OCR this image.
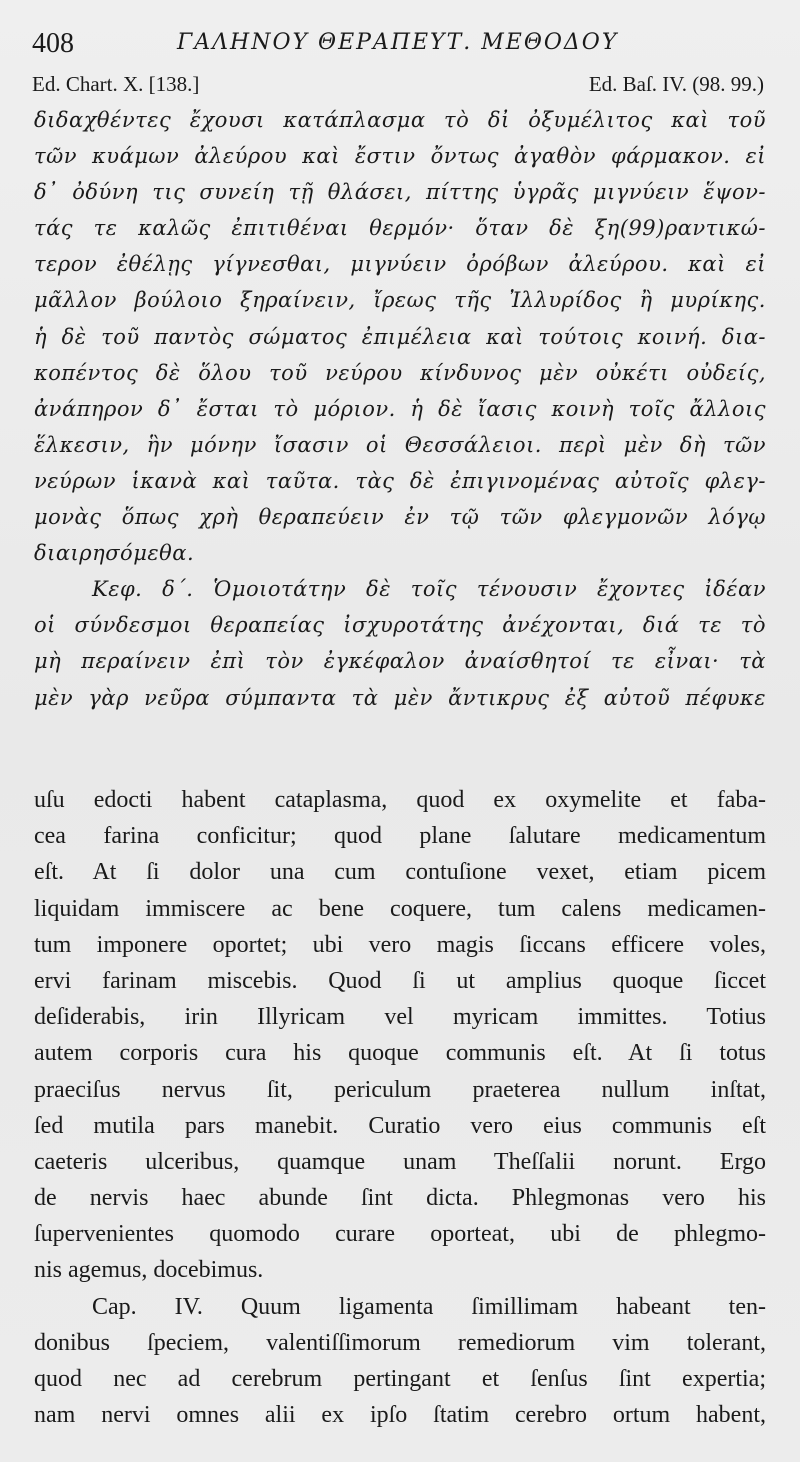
408	ΓΑΛΗΝΟΥ ΘΕΡΑΠΕΥΤ. ΜΕΘΟΔΟΥ
Ed. Chart. X. [138.]	Ed. Baſ. IV. (98. 99.)
διδαχθέντες ἔχουσι κατάπλασμα τὸ δἰ ὀξυμέλιτος καὶ τοῦ
τῶν κυάμων ἀλεύρου καὶ ἔστιν ὄντως ἀγαθὸν φάρμακον. εἰ
δ᾽ ὀδύνη τις συνείη τῇ θλάσει, πίττης ὑγρᾶς μιγνύειν ἕψον-
τάς τε καλῶς ἐπιτιθέναι θερμόν· ὅταν δὲ ξη(99)ραντικώ-
τερον ἐθέλῃς γίγνεσθαι, μιγνύειν ὀρόβων ἀλεύρου. καὶ εἰ
μᾶλλον βούλοιο ξηραίνειν, ἴρεως τῆς Ἰλλυρίδος ἢ μυρίκης.
ἡ δὲ τοῦ παντὸς σώματος ἐπιμέλεια καὶ τούτοις κοινή. δια-
κοπέντος δὲ ὅλου τοῦ νεύρου κίνδυνος μὲν οὐκέτι οὐδείς,
ἀνάπηρον δ᾽ ἔσται τὸ μόριον. ἡ δὲ ἴασις κοινὴ τοῖς ἄλλοις
ἕλκεσιν, ἣν μόνην ἴσασιν οἱ Θεσσάλειοι. περὶ μὲν δὴ τῶν
νεύρων ἱκανὰ καὶ ταῦτα. τὰς δὲ ἐπιγινομένας αὐτοῖς φλεγ-
μονὰς ὅπως χρὴ θεραπεύειν ἐν τῷ τῶν φλεγμονῶν λόγῳ
διαιρησόμεθα.
Κεφ. δ΄. Ὁμοιοτάτην δὲ τοῖς τένουσιν ἔχοντες ἰδέαν
οἱ σύνδεσμοι θεραπείας ἰσχυροτάτης ἀνέχονται, διά τε τὸ
μὴ περαίνειν ἐπὶ τὸν ἐγκέφαλον ἀναίσθητοί τε εἶναι· τὰ
μὲν γὰρ νεῦρα σύμπαντα τὰ μὲν ἄντικρυς ἐξ αὐτοῦ πέφυκε
uſu edocti habent cataplasma, quod ex oxymelite et faba-
cea farina conficitur; quod plane ſalutare medicamentum
eſt. At ſi dolor una cum contuſione vexet, etiam picem
liquidam immiscere ac bene coquere, tum calens medicamen-
tum imponere oportet; ubi vero magis ſiccans efficere voles,
ervi farinam miscebis. Quod ſi ut amplius quoque ſiccet
deſiderabis, irin Illyricam vel myricam immittes. Totius
autem corporis cura his quoque communis eſt. At ſi totus
praeciſus nervus ſit, periculum praeterea nullum inſtat,
ſed mutila pars manebit. Curatio vero eius communis eſt
caeteris ulceribus, quamque unam Theſſalii norunt. Ergo
de nervis haec abunde ſint dicta. Phlegmonas vero his
ſupervenientes quomodo curare oporteat, ubi de phlegmo-
nis agemus, docebimus.
Cap. IV. Quum ligamenta ſimillimam habeant ten-
donibus ſpeciem, valentiſſimorum remediorum vim tolerant,
quod nec ad cerebrum pertingant et ſenſus ſint expertia;
nam nervi omnes alii ex ipſo ſtatim cerebro ortum habent,
